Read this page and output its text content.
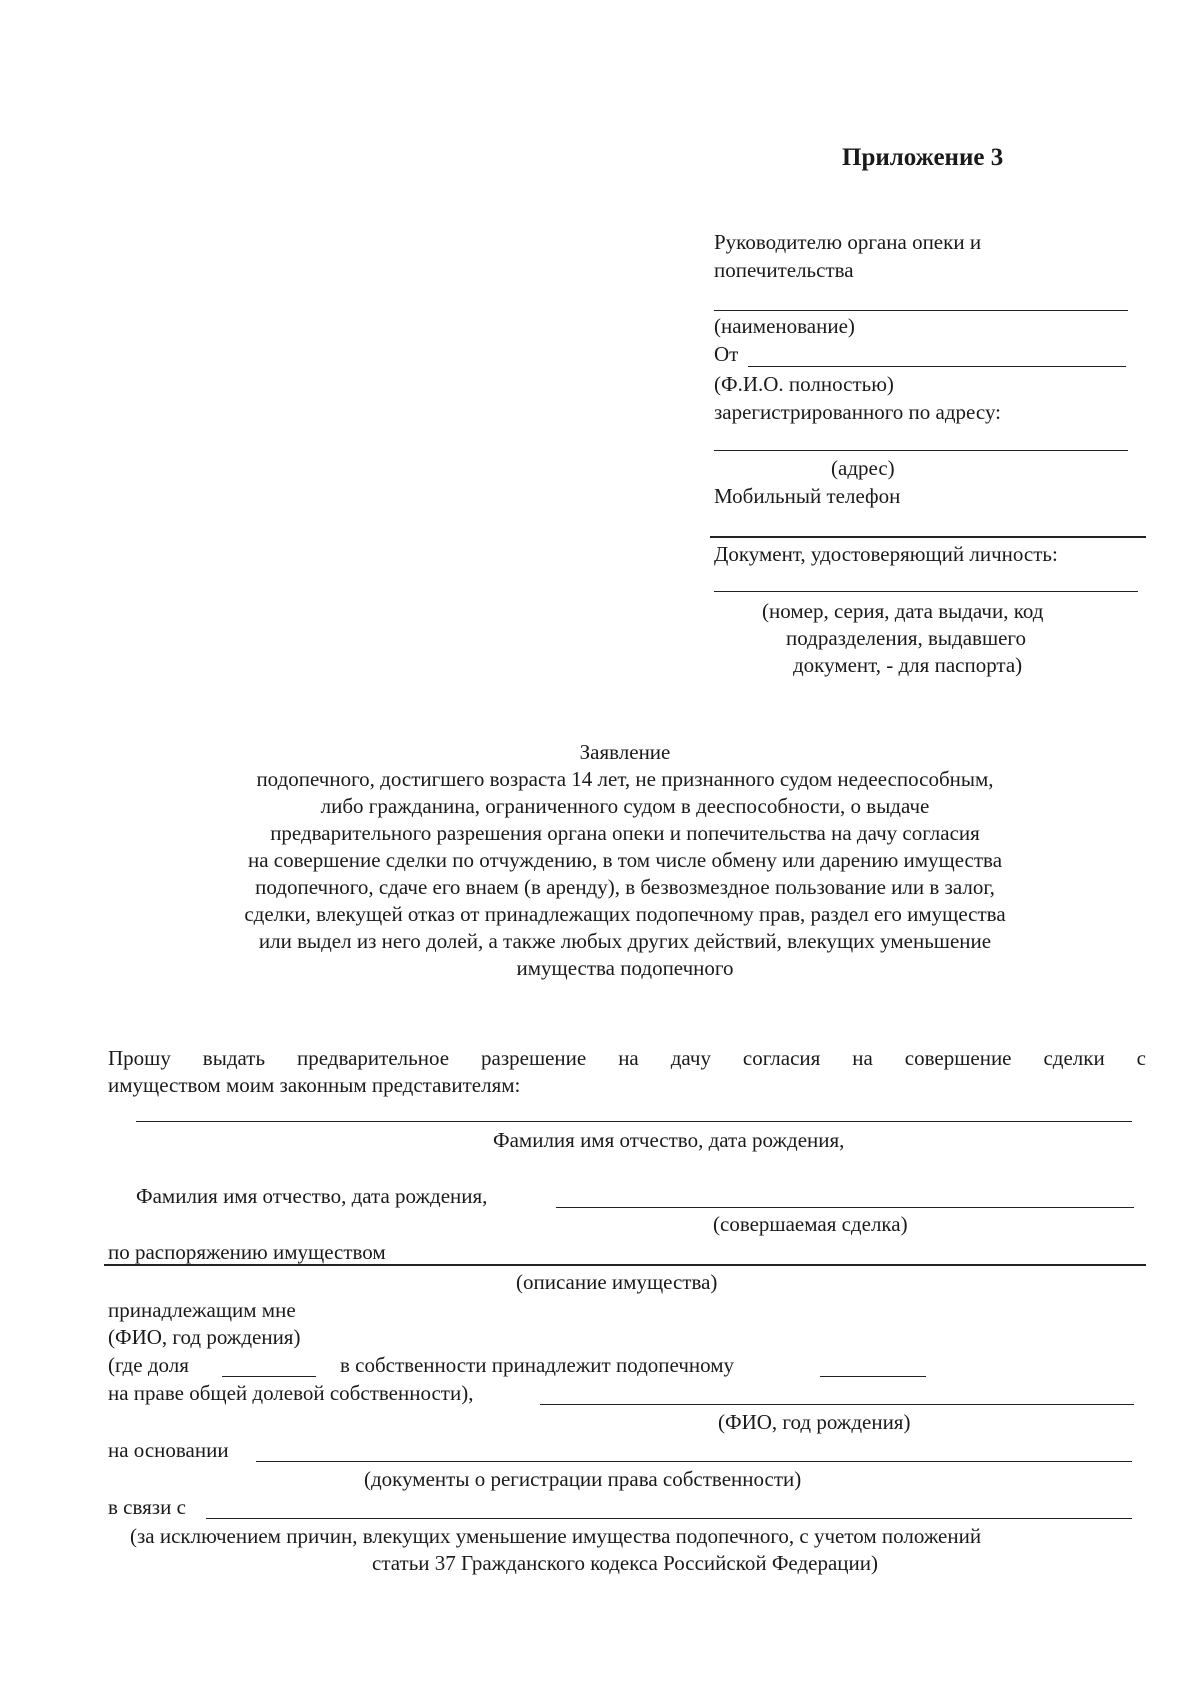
Приложение 3
Руководителю органа опеки и
попечительства
(наименование)
От
(Ф.И.О. полностью)
зарегистрированного по адресу:
(адрес)
Мобильный телефон
Документ, удостоверяющий личность:
(номер, серия, дата выдачи, код
подразделения, выдавшего
документ, - для паспорта)
Заявление
подопечного, достигшего возраста 14 лет, не признанного судом недееспособным,
либо гражданина, ограниченного судом в дееспособности, о выдаче
предварительного разрешения органа опеки и попечительства на дачу согласия
на совершение сделки по отчуждению, в том числе обмену или дарению имущества
подопечного, сдаче его внаем (в аренду), в безвозмездное пользование или в залог,
сделки, влекущей отказ от принадлежащих подопечному прав, раздел его имущества
или выдел из него долей, а также любых других действий, влекущих уменьшение
имущества подопечного
Прошу выдать предварительное разрешение на дачу согласия на совершение сделки с
имуществом моим законным представителям:
Фамилия имя отчество, дата рождения,
Фамилия имя отчество, дата рождения,
(совершаемая сделка)
по распоряжению имуществом
(описание имущества)
принадлежащим мне
(ФИО, год рождения)
(где доля	в собственности принадлежит подопечному
на праве общей долевой собственности),
(ФИО, год рождения)
на основании
(документы о регистрации права собственности)
в связи с
(за исключением причин, влекущих уменьшение имущества подопечного, с учетом положений
статьи 37 Гражданского кодекса Российской Федерации)
